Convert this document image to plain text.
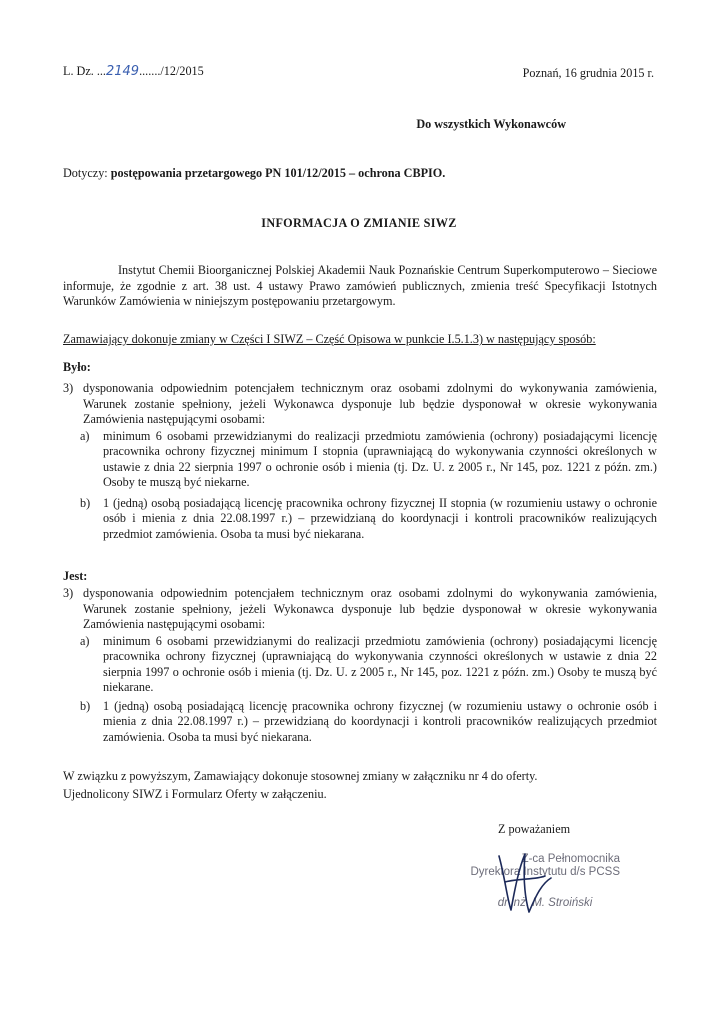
L. Dz. ...2149......./12/2015	Poznań, 16 grudnia 2015 r.
Do wszystkich Wykonawców
Dotyczy: postępowania przetargowego PN 101/12/2015 – ochrona CBPIO.
INFORMACJA O ZMIANIE SIWZ
Instytut Chemii Bioorganicznej Polskiej Akademii Nauk Poznańskie Centrum Superkomputerowo – Sieciowe informuje, że zgodnie z art. 38 ust. 4 ustawy Prawo zamówień publicznych, zmienia treść Specyfikacji Istotnych Warunków Zamówienia w niniejszym postępowaniu przetargowym.
Zamawiający dokonuje zmiany w Części I SIWZ – Część Opisowa w punkcie I.5.1.3) w następujący sposób:
Było:
3) dysponowania odpowiednim potencjałem technicznym oraz osobami zdolnymi do wykonywania zamówienia, Warunek zostanie spełniony, jeżeli Wykonawca dysponuje lub będzie dysponował w okresie wykonywania Zamówienia następującymi osobami:
a) minimum 6 osobami przewidzianymi do realizacji przedmiotu zamówienia (ochrony) posiadającymi licencję pracownika ochrony fizycznej minimum I stopnia (uprawniającą do wykonywania czynności określonych w ustawie z dnia 22 sierpnia 1997 o ochronie osób i mienia (tj. Dz. U. z 2005 r., Nr 145, poz. 1221 z późn. zm.) Osoby te muszą być niekarne.
b) 1 (jedną) osobą posiadającą licencję pracownika ochrony fizycznej II stopnia (w rozumieniu ustawy o ochronie osób i mienia z dnia 22.08.1997 r.) – przewidzianą do koordynacji i kontroli pracowników realizujących przedmiot zamówienia. Osoba ta musi być niekarana.
Jest:
3) dysponowania odpowiednim potencjałem technicznym oraz osobami zdolnymi do wykonywania zamówienia, Warunek zostanie spełniony, jeżeli Wykonawca dysponuje lub będzie dysponował w okresie wykonywania Zamówienia następującymi osobami:
a) minimum 6 osobami przewidzianymi do realizacji przedmiotu zamówienia (ochrony) posiadającymi licencję pracownika ochrony fizycznej (uprawniającą do wykonywania czynności określonych w ustawie z dnia 22 sierpnia 1997 o ochronie osób i mienia (tj. Dz. U. z 2005 r., Nr 145, poz. 1221 z późn. zm.) Osoby te muszą być niekarane.
b) 1 (jedną) osobą posiadającą licencję pracownika ochrony fizycznej (w rozumieniu ustawy o ochronie osób i mienia z dnia 22.08.1997 r.) – przewidzianą do koordynacji i kontroli pracowników realizujących przedmiot zamówienia. Osoba ta musi być niekarana.
W związku z powyższym, Zamawiający dokonuje stosownej zmiany w załączniku nr 4 do oferty.
Ujednolicony SIWZ i Formularz Oferty w załączeniu.
Z poważaniem
Z-ca Pełnomocnika
Dyrektora Instytutu d/s PCSS
dr inż. M. Stroiński
